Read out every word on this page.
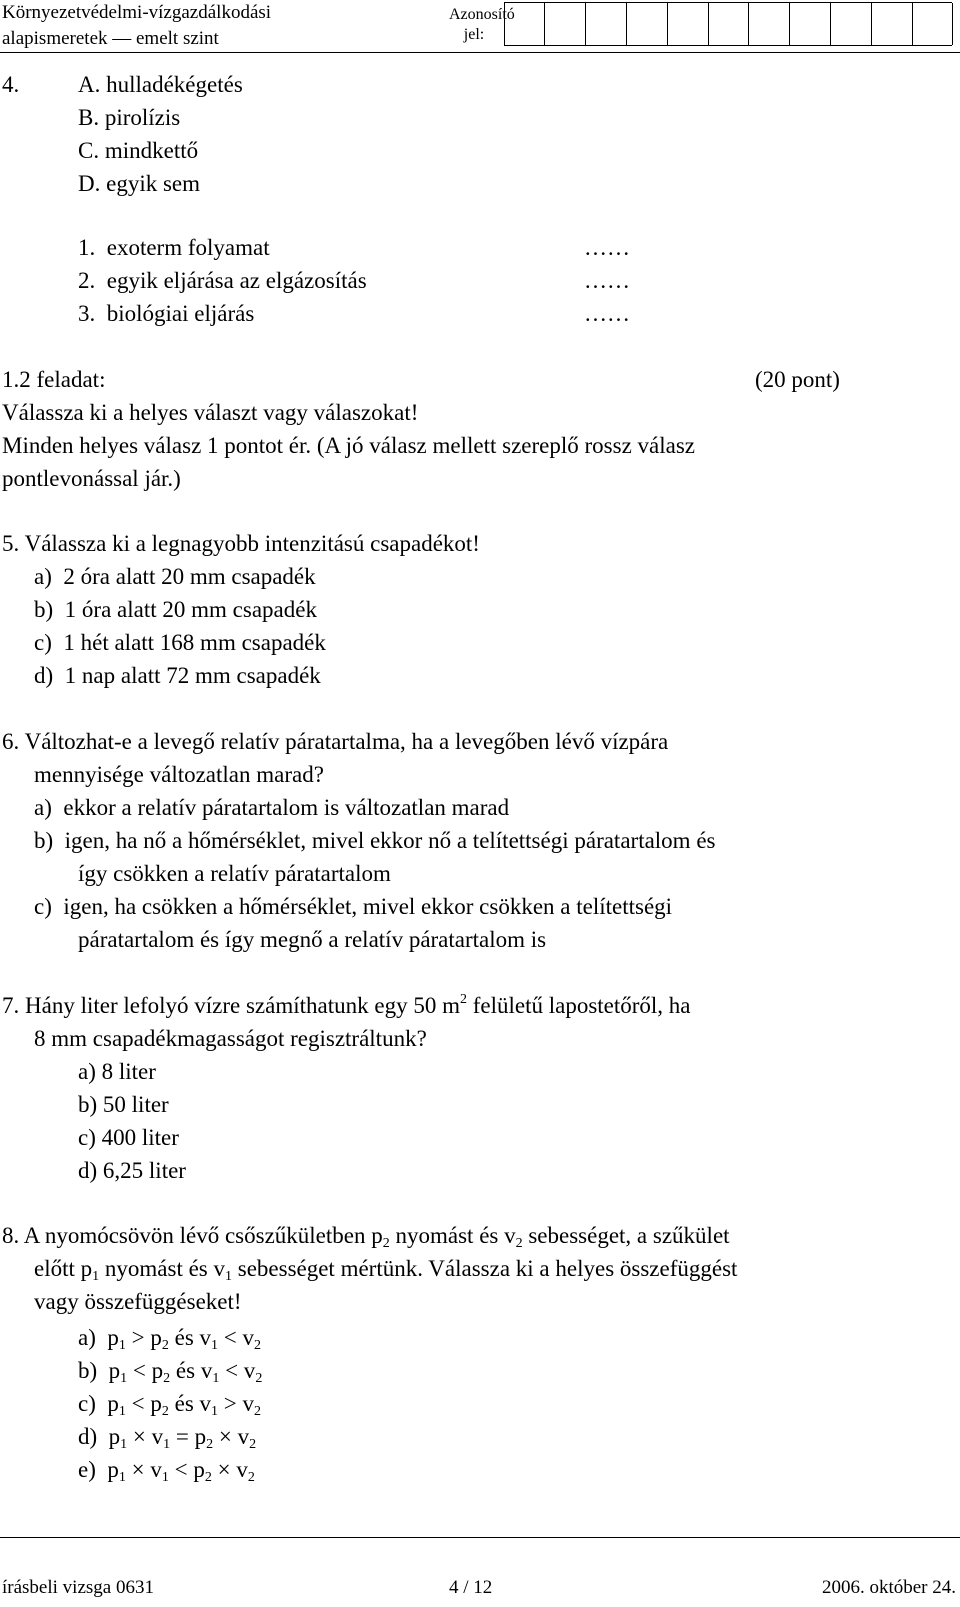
Környezetvédelmi-vízgazdálkodási
alapismeretek — emelt szint
Azonosító
jel:
4.	A. hulladékégetés
B. pirolízis
C. mindkettő
D. egyik sem
1. exoterm folyamat	……
2. egyik eljárása az elgázosítás	……
3. biológiai eljárás	……
1.2 feladat:	(20 pont)
Válassza ki a helyes választ vagy válaszokat!
Minden helyes válasz 1 pontot ér. (A jó válasz mellett szereplő rossz válasz
pontlevonással jár.)
5. Válassza ki a legnagyobb intenzitású csapadékot!
a) 2 óra alatt 20 mm csapadék
b) 1 óra alatt 20 mm csapadék
c) 1 hét alatt 168 mm csapadék
d) 1 nap alatt 72 mm csapadék
6. Változhat-e a levegő relatív páratartalma, ha a levegőben lévő vízpára
mennyisége változatlan marad?
a) ekkor a relatív páratartalom is változatlan marad
b) igen, ha nő a hőmérséklet, mivel ekkor nő a telítettségi páratartalom és
így csökken a relatív páratartalom
c) igen, ha csökken a hőmérséklet, mivel ekkor csökken a telítettségi
páratartalom és így megnő a relatív páratartalom is
7. Hány liter lefolyó vízre számíthatunk egy 50 $m^2$ felületű lapostetőről, ha
8 mm csapadékmagasságot regisztráltunk?
a) 8 liter
b) 50 liter
c) 400 liter
d) 6,25 liter
8. A nyomócsövön lévő csőszűkületben $p_2$ nyomást és $v_2$ sebességet, a szűkület
előtt $p_1$ nyomást és $v_1$ sebességet mértünk. Válassza ki a helyes összefüggést
vagy összefüggéseket!
a) $p_1 > p_2$ és $v_1 < v_2$
b) $p_1 < p_2$ és $v_1 < v_2$
c) $p_1 < p_2$ és $v_1 > v_2$
d) $p_1 \times v_1 = p_2 \times v_2$
e) $p_1 \times v_1 < p_2 \times v_2$
írásbeli vizsga 0631	4 / 12	2006. október 24.
